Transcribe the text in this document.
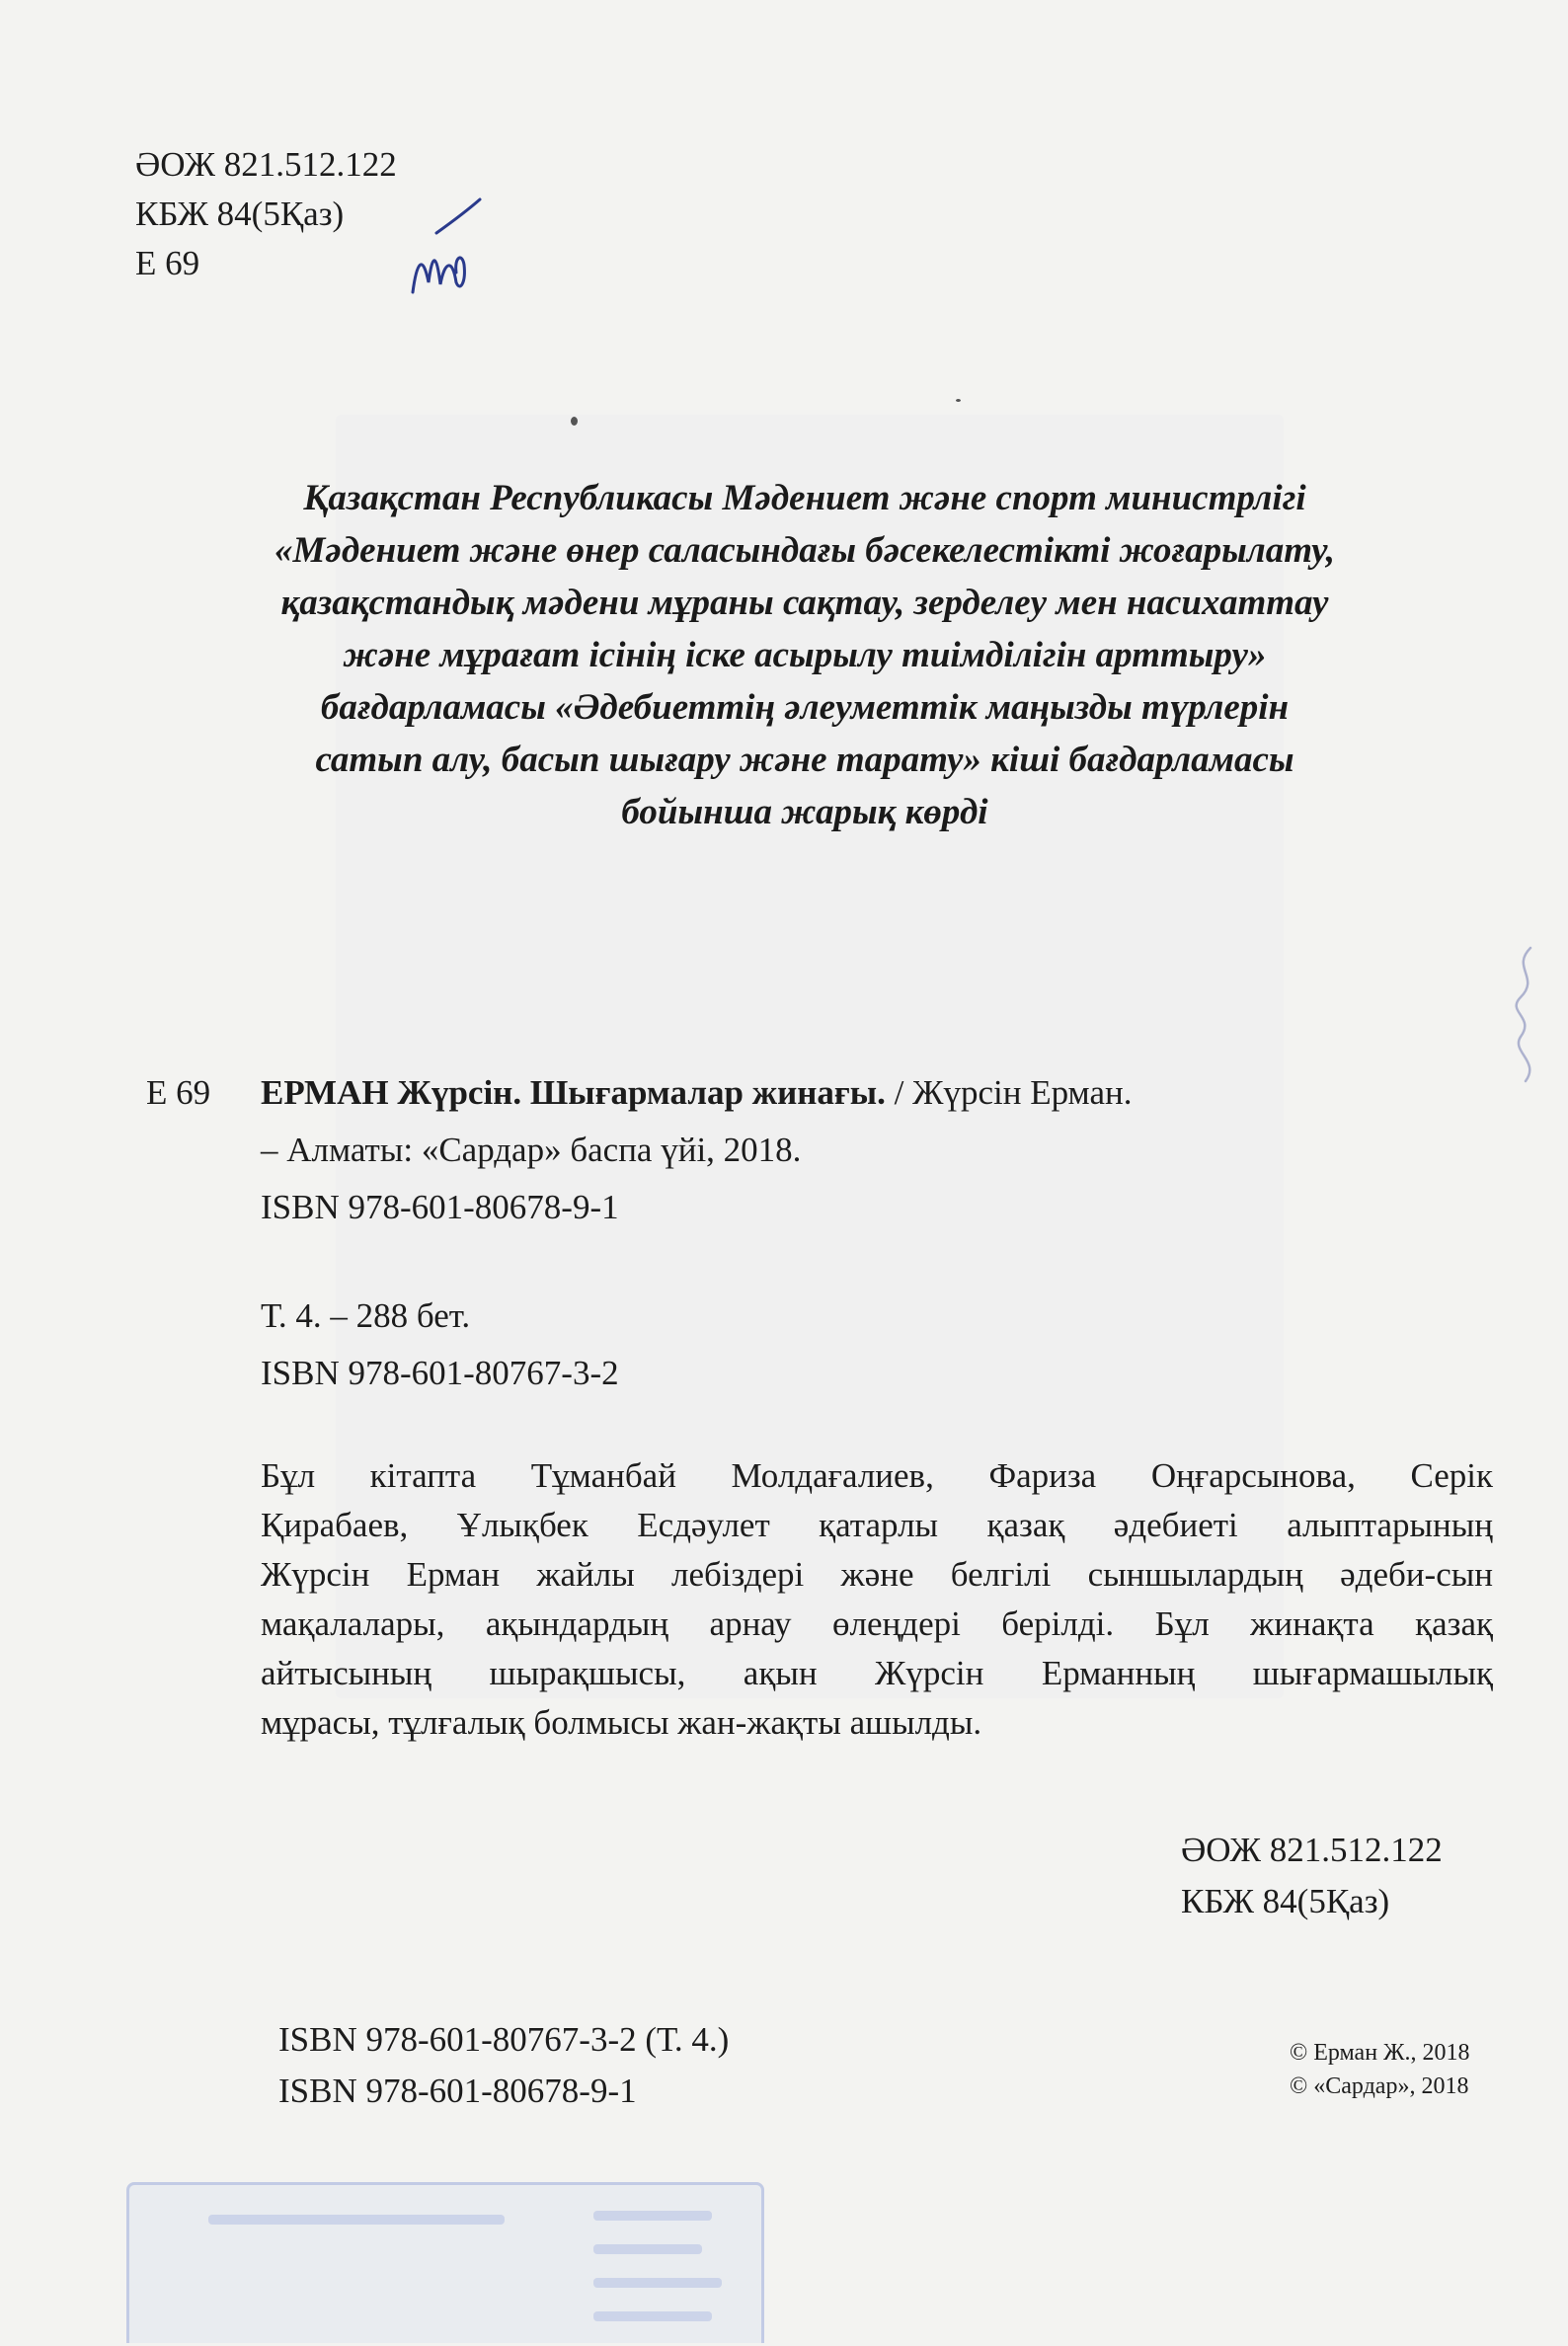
ӘОЖ 821.512.122
КБЖ 84(5Қаз)
Е 69
Қазақстан Республикасы Мәдениет және спорт министрлігі
«Мәдениет және өнер саласындағы бәсекелестікті жоғарылату,
қазақстандық мәдени мұраны сақтау, зерделеу мен насихаттау
және мұрағат ісінің іске асырылу тиімділігін арттыру»
бағдарламасы «Әдебиеттің әлеуметтік маңызды түрлерін
сатып алу, басып шығару және тарату» кіші бағдарламасы
бойынша жарық көрді
Е 69 ЕРМАН Жүрсін. Шығармалар жинағы. / Жүрсін Ерман.
– Алматы: «Сардар» баспа үйі, 2018.
ISBN 978-601-80678-9-1
Т. 4. – 288 бет.
ISBN 978-601-80767-3-2
Бұл кітапта Тұманбай Молдағалиев, Фариза Оңғарсынова, Серік
Қирабаев, Ұлықбек Есдәулет қатарлы қазақ әдебиеті алыптарының
Жүрсін Ерман жайлы лебіздері және белгілі сыншылардың әдеби-сын
мақалалары, ақындардың арнау өлеңдері берілді. Бұл жинақта қазақ
айтысының шырақшысы, ақын Жүрсін Ерманның шығармашылық
мұрасы, тұлғалық болмысы жан-жақты ашылды.
ӘОЖ 821.512.122
КБЖ 84(5Қаз)
ISBN 978-601-80767-3-2 (Т. 4.)
ISBN 978-601-80678-9-1
© Ерман Ж., 2018
© «Сардар», 2018
